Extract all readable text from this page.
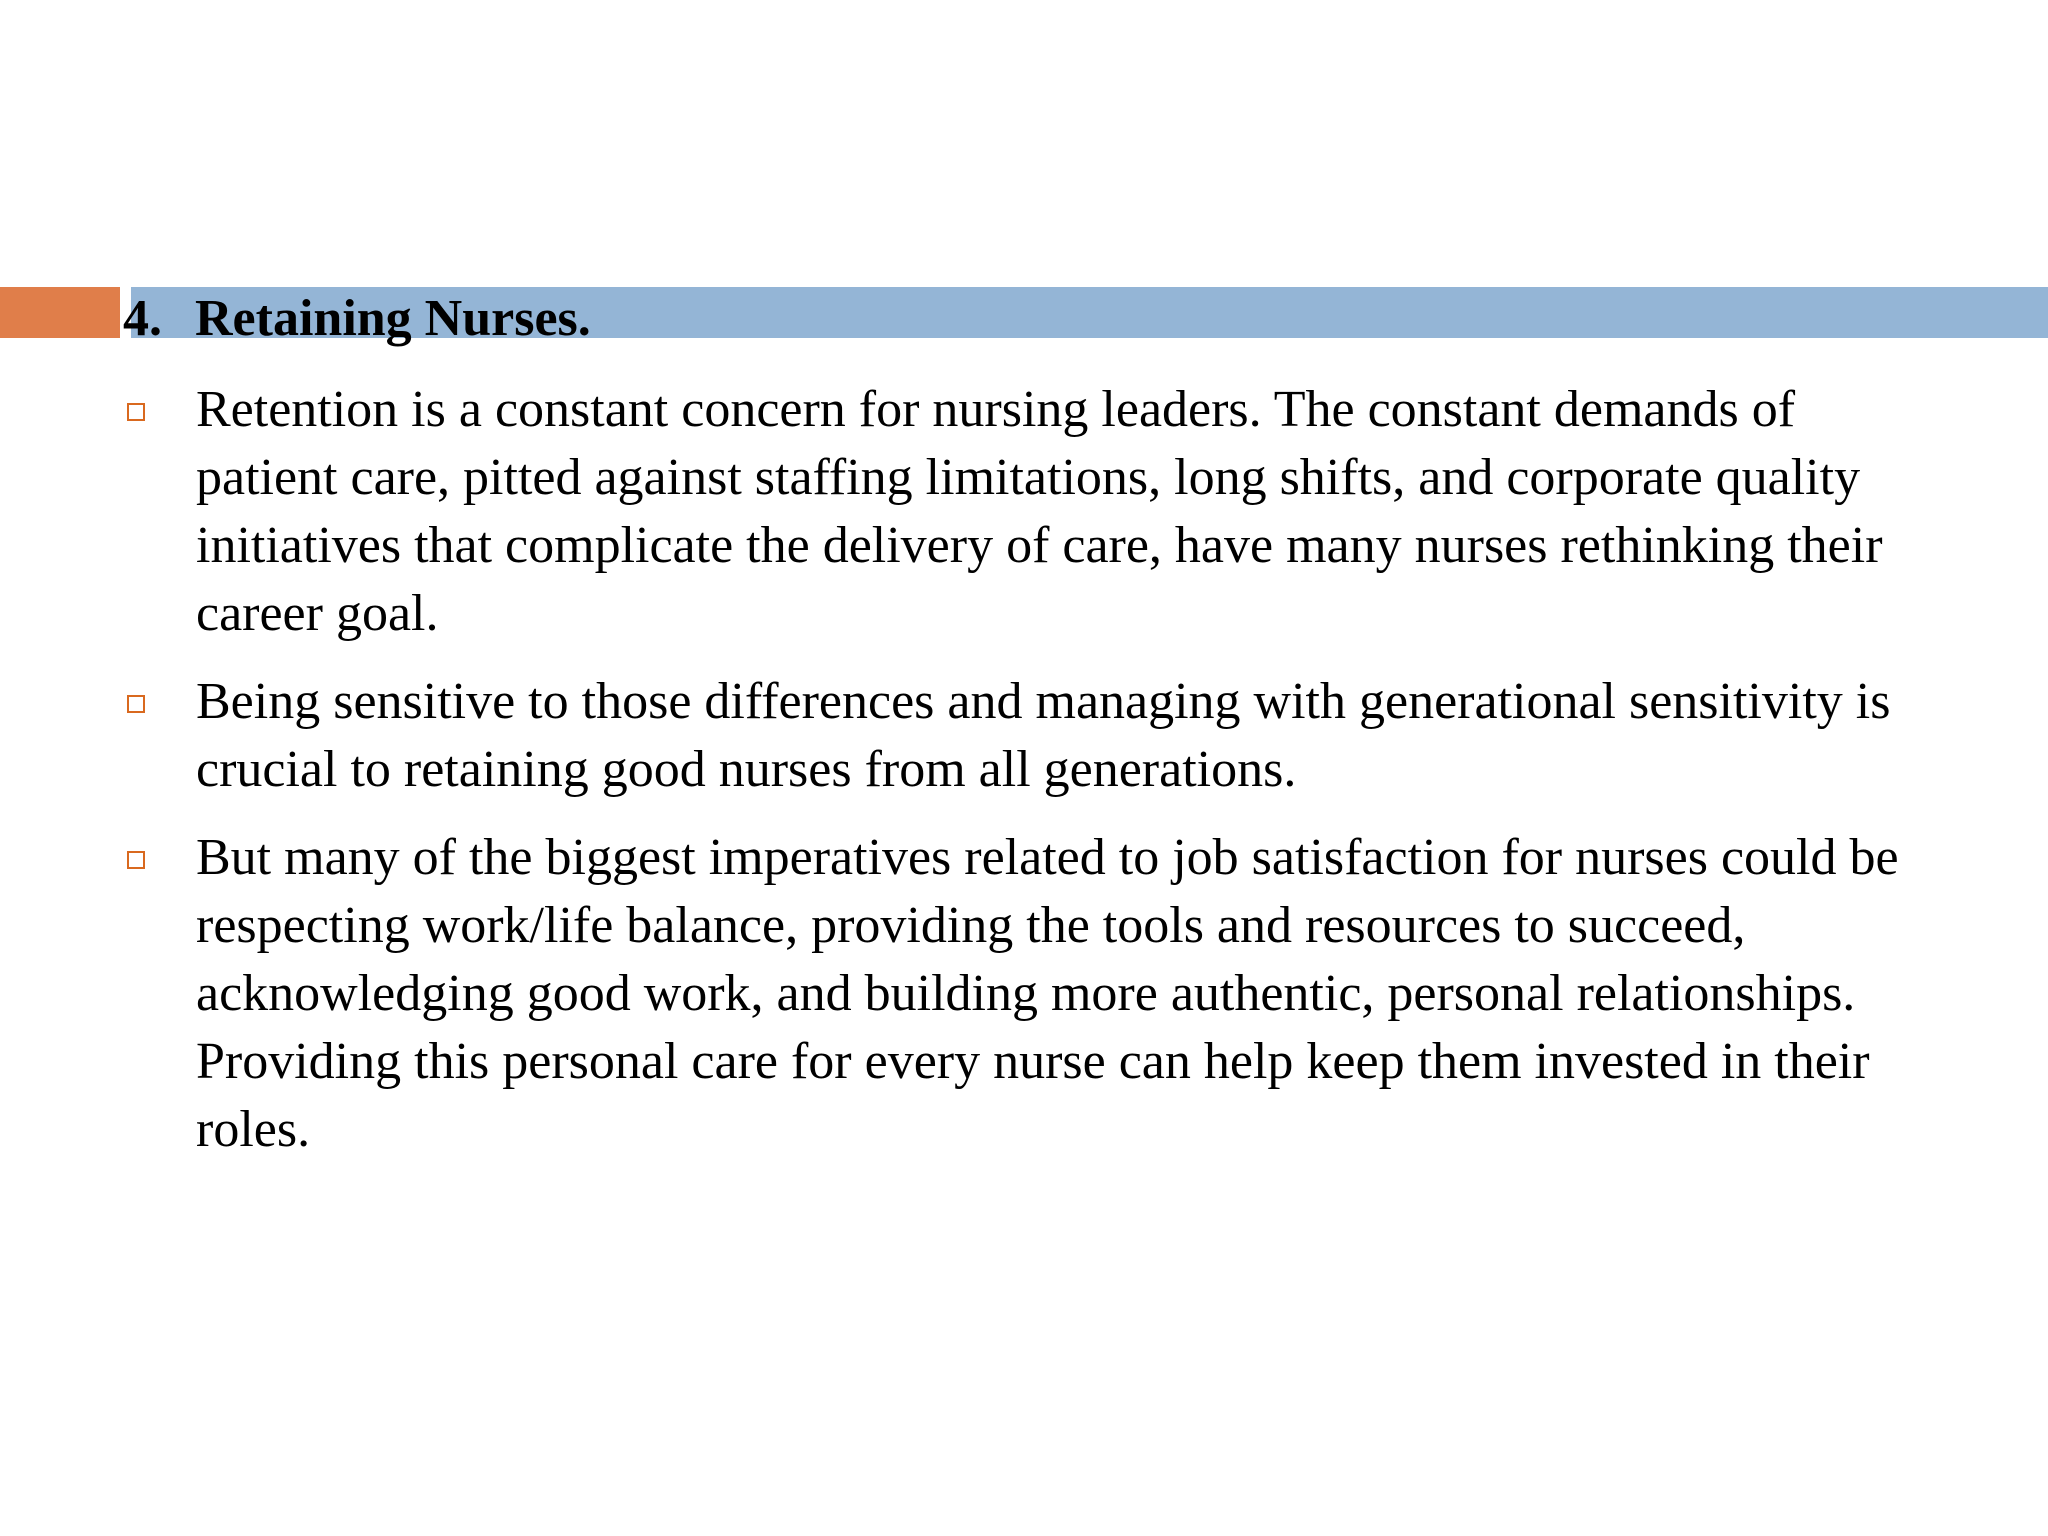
4. Retaining Nurses.
Retention is a constant concern for nursing leaders. The constant demands of patient care, pitted against staffing limitations, long shifts, and corporate quality initiatives that complicate the delivery of care, have many nurses rethinking their career goal.
Being sensitive to those differences and managing with generational sensitivity is crucial to retaining good nurses from all generations.
But many of the biggest imperatives related to job satisfaction for nurses could be respecting work/life balance, providing the tools and resources to succeed, acknowledging good work, and building more authentic, personal relationships. Providing this personal care for every nurse can help keep them invested in their roles.
